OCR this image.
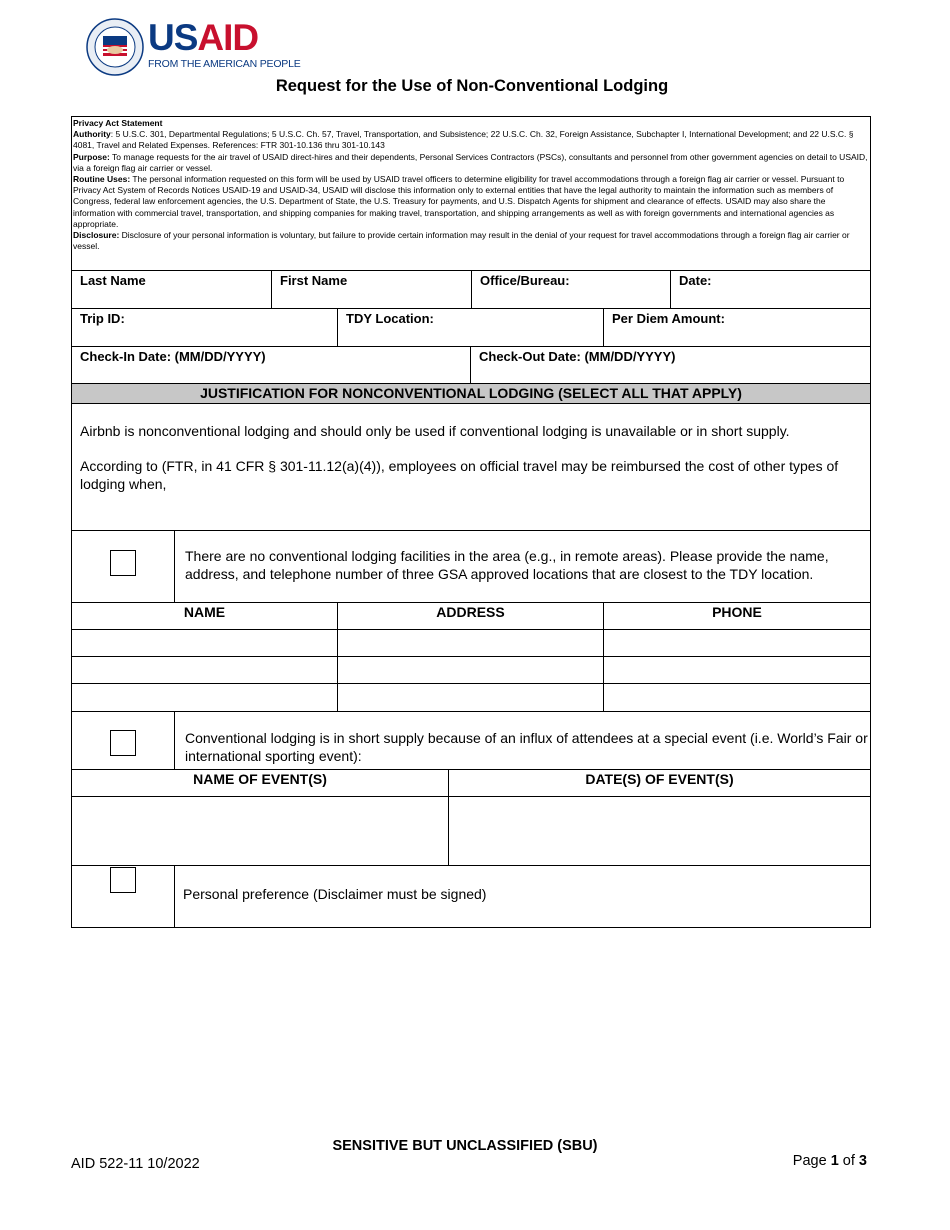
USAID
FROM THE AMERICAN PEOPLE
Request for the Use of Non-Conventional Lodging
Privacy Act Statement
Authority: 5 U.S.C. 301, Departmental Regulations; 5 U.S.C. Ch. 57, Travel, Transportation, and Subsistence; 22 U.S.C. Ch. 32, Foreign Assistance, Subchapter I, International Development; and 22 U.S.C. § 4081, Travel and Related Expenses. References: FTR 301-10.136 thru 301-10.143
Purpose: To manage requests for the air travel of USAID direct-hires and their dependents, Personal Services Contractors (PSCs), consultants and personnel from other government agencies on detail to USAID, via a foreign flag air carrier or vessel.
Routine Uses: The personal information requested on this form will be used by USAID travel officers to determine eligibility for travel accommodations through a foreign flag air carrier or vessel. Pursuant to Privacy Act System of Records Notices USAID-19 and USAID-34, USAID will disclose this information only to external entities that have the legal authority to maintain the information such as members of Congress, federal law enforcement agencies, the U.S. Department of State, the U.S. Treasury for payments, and U.S. Dispatch Agents for shipment and clearance of effects. USAID may also share the information with commercial travel, transportation, and shipping companies for making travel, transportation, and shipping arrangements as well as with foreign governments and international agencies as appropriate.
Disclosure: Disclosure of your personal information is voluntary, but failure to provide certain information may result in the denial of your request for travel accommodations through a foreign flag air carrier or vessel.
Last Name	First Name	Office/Bureau:	Date:
Trip ID:	TDY Location:	Per Diem Amount:
Check-In Date: (MM/DD/YYYY)	Check-Out Date: (MM/DD/YYYY)
JUSTIFICATION FOR NONCONVENTIONAL LODGING (SELECT ALL THAT APPLY)

Airbnb is nonconventional lodging and should only be used if conventional lodging is unavailable or in short supply.

According to (FTR, in 41 CFR § 301-11.12(a)(4)), employees on official travel may be reimbursed the cost of other types of lodging when,

There are no conventional lodging facilities in the area (e.g., in remote areas). Please provide the name, address, and telephone number of three GSA approved locations that are closest to the TDY location.
NAME	ADDRESS	PHONE
Conventional lodging is in short supply because of an influx of attendees at a special event (i.e. World’s Fair or international sporting event):
NAME OF EVENT(S)	DATE(S) OF EVENT(S)
Personal preference (Disclaimer must be signed)
SENSITIVE BUT UNCLASSIFIED (SBU)
AID 522-11 10/2022	Page 1 of 3
